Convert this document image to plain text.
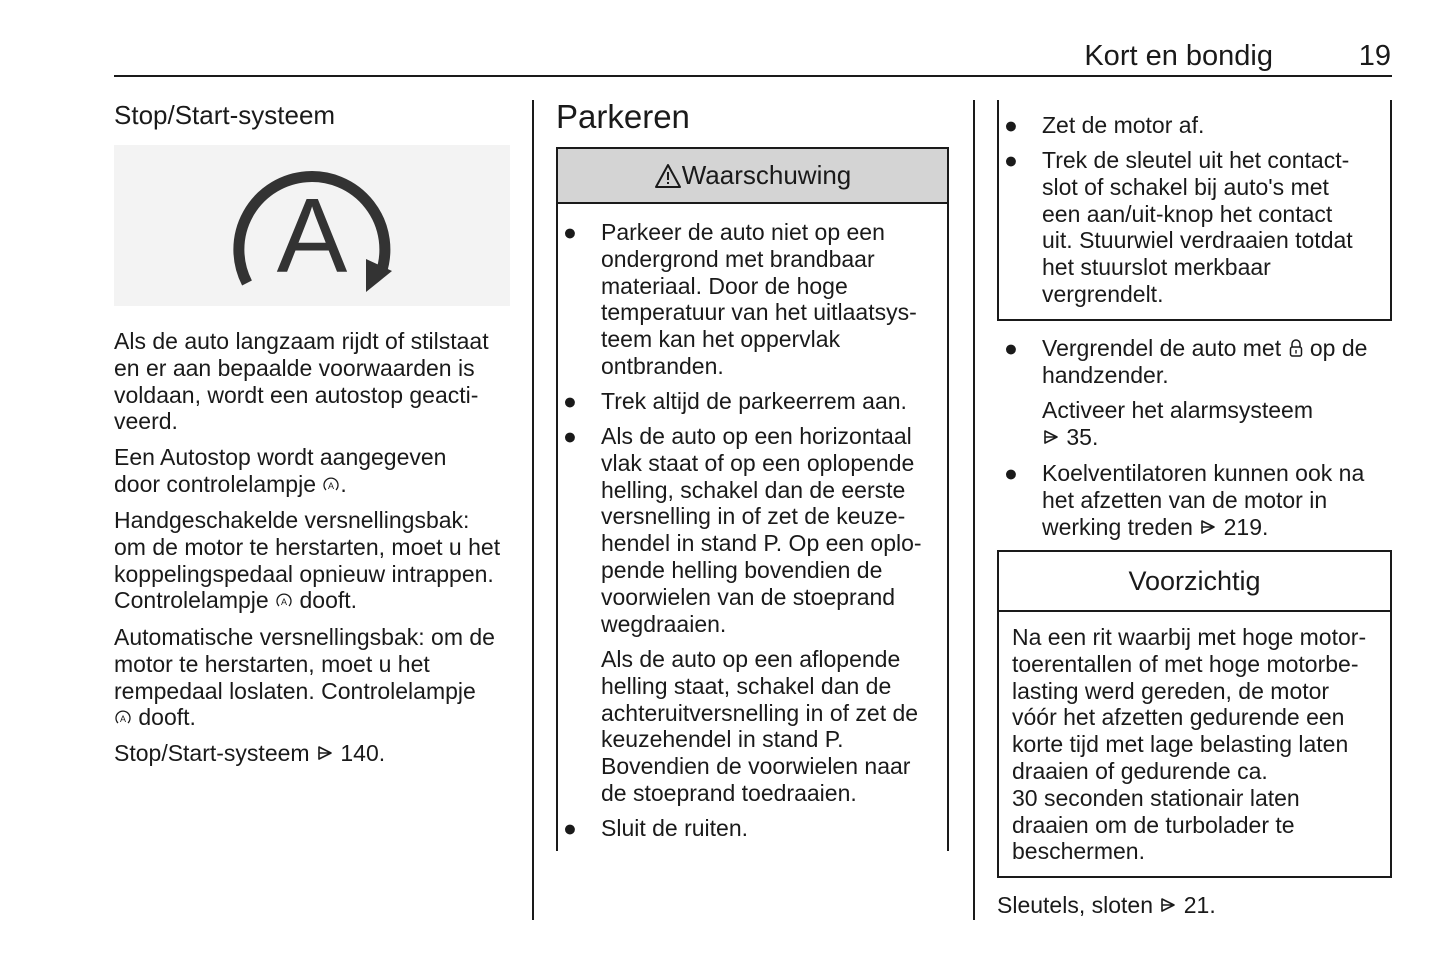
Kort en bondig	19
Stop/Start-systeem
A

Als de auto langzaam rijdt of stilstaat

en er aan bepaalde voorwaarden is

voldaan, wordt een autostop geacti-

veerd.

Een Autostop wordt aangegeven

door controlelampje A .

Handgeschakelde versnellingsbak:

om de motor te herstarten, moet u het

koppelingspedaal opnieuw intrappen.

Controlelampje A dooft.

Automatische versnellingsbak: om de

motor te herstarten, moet u het

rempedaal loslaten. Controlelampje

A dooft.

Stop/Start-systeem  140.

Parkeren
Waarschuwing
● Parkeer de auto niet op een

ondergrond met brandbaar

materiaal. Door de hoge

temperatuur van het uitlaatsys-

teem kan het oppervlak

ontbranden.

● Trek altijd de parkeerrem aan.

● Als de auto op een horizontaal

vlak staat of op een oplopende

helling, schakel dan de eerste

versnelling in of zet de keuze-

hendel in stand P. Op een oplo-

pende helling bovendien de

voorwielen van de stoeprand

wegdraaien.

Als de auto op een aflopende

helling staat, schakel dan de

achteruitversnelling in of zet de

keuzehendel in stand P.

Bovendien de voorwielen naar

de stoeprand toedraaien.

● Sluit de ruiten.

● Zet de motor af.

● Trek de sleutel uit het contact-

slot of schakel bij auto's met

een aan/uit-knop het contact

uit. Stuurwiel verdraaien totdat

het stuurslot merkbaar

vergrendelt.

● Vergrendel de auto met  op de

handzender.

Activeer het alarmsysteem

35.

● Koelventilatoren kunnen ook na

het afzetten van de motor in

werking treden  219.

Voorzichtig

Na een rit waarbij met hoge motor-

toerentallen of met hoge motorbe-

lasting werd gereden, de motor

vóór het afzetten gedurende een

korte tijd met lage belasting laten

draaien of gedurende ca.

30 seconden stationair laten

draaien om de turbolader te

beschermen.

Sleutels, sloten  21.
